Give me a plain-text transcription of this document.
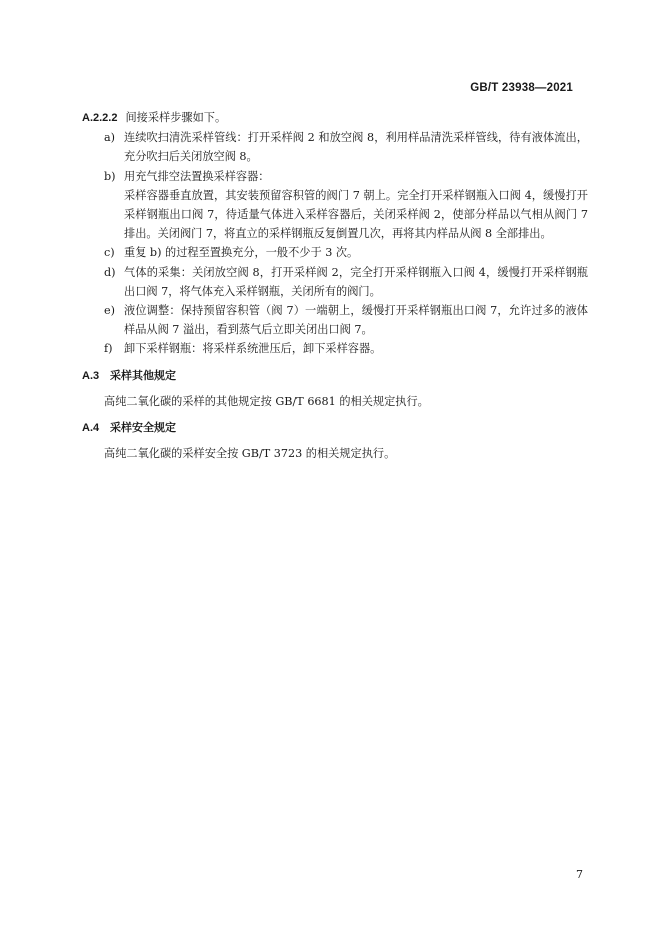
GB/T 23938—2021
A.2.2.2 间接采样步骤如下。
a) 连续吹扫清洗采样管线：打开采样阀 2 和放空阀 8，利用样品清洗采样管线，待有液体流出，充分吹扫后关闭放空阀 8。
b) 用充气排空法置换采样容器：
采样容器垂直放置，其安装预留容积管的阀门 7 朝上。完全打开采样钢瓶入口阀 4，缓慢打开采样钢瓶出口阀 7，待适量气体进入采样容器后，关闭采样阀 2，使部分样品以气相从阀门 7 排出。关闭阀门 7，将直立的采样钢瓶反复倒置几次，再将其内样品从阀 8 全部排出。
c) 重复 b) 的过程至置换充分，一般不少于 3 次。
d) 气体的采集：关闭放空阀 8，打开采样阀 2，完全打开采样钢瓶入口阀 4，缓慢打开采样钢瓶出口阀 7，将气体充入采样钢瓶，关闭所有的阀门。
e) 液位调整：保持预留容积管（阀 7）一端朝上，缓慢打开采样钢瓶出口阀 7，允许过多的液体样品从阀 7 溢出，看到蒸气后立即关闭出口阀 7。
f) 卸下采样钢瓶：将采样系统泄压后，卸下采样容器。
A.3 采样其他规定
高纯二氧化碳的采样的其他规定按 GB/T 6681 的相关规定执行。
A.4 采样安全规定
高纯二氧化碳的采样安全按 GB/T 3723 的相关规定执行。
7
